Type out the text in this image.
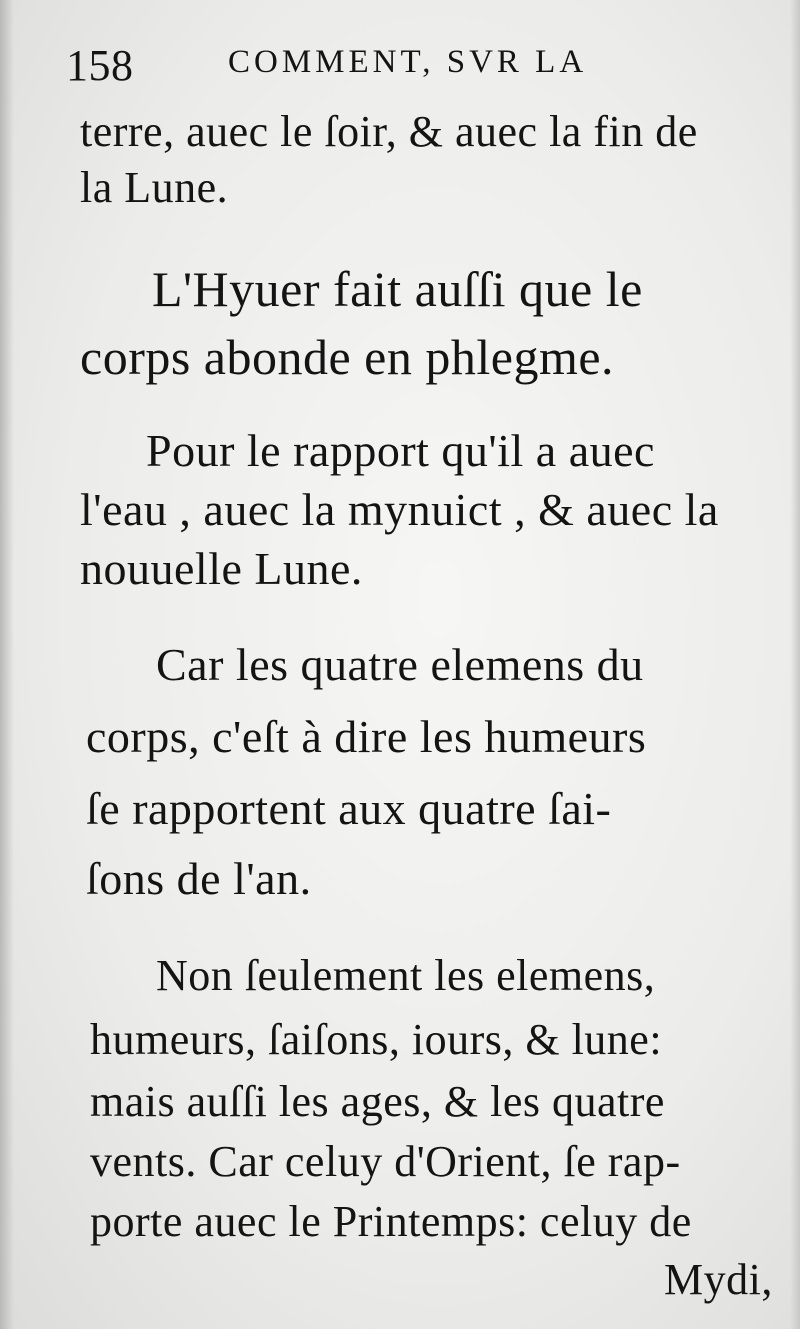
158	COMMENT, SVR LA
terre, auec le ſoir, & auec la fin de
la Lune.
L'Hyuer fait auſſi que le
corps abonde en phlegme.
Pour le rapport qu'il a auec
l'eau , auec la mynuict , & auec la
nouuelle Lune.
Car les quatre elemens du
corps, c'eſt à dire les humeurs
ſe rapportent aux quatre ſai-
ſons de l'an.
Non ſeulement les elemens,
humeurs, ſaiſons, iours, & lune:
mais auſſi les ages, & les quatre
vents. Car celuy d'Orient, ſe rap-
porte auec le Printemps: celuy de
Mydi,
